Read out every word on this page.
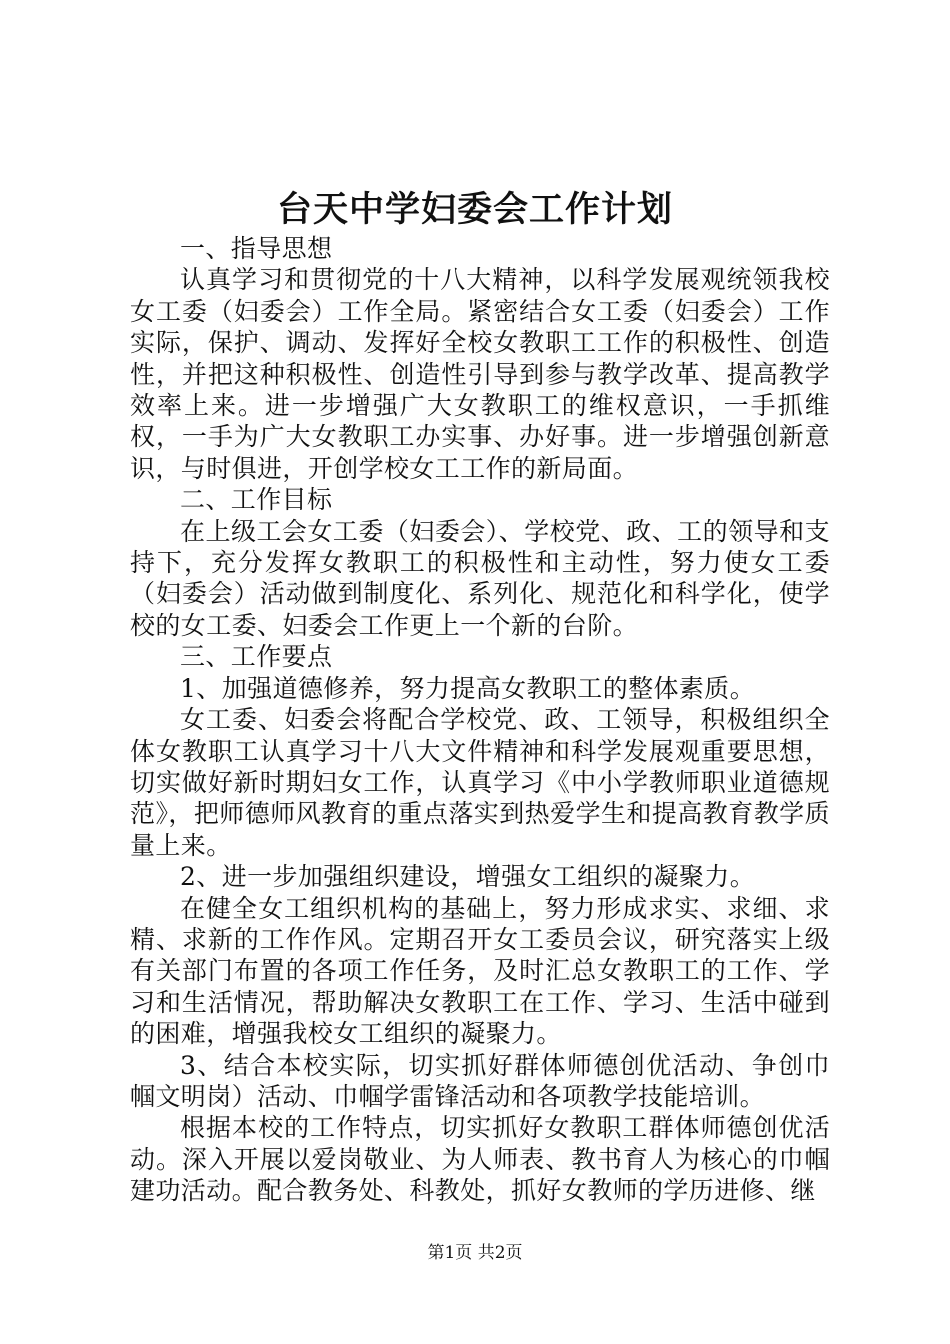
台天中学妇委会工作计划

一、指导思想

认真学习和贯彻党的十八大精神，以科学发展观统领我校女工委（妇委会）工作全局。紧密结合女工委（妇委会）工作实际，保护、调动、发挥好全校女教职工工作的积极性、创造性，并把这种积极性、创造性引导到参与教学改革、提高教学效率上来。进一步增强广大女教职工的维权意识，一手抓维权，一手为广大女教职工办实事、办好事。进一步增强创新意识，与时俱进，开创学校女工工作的新局面。

二、工作目标

在上级工会女工委（妇委会）、学校党、政、工的领导和支持下，充分发挥女教职工的积极性和主动性，努力使女工委（妇委会）活动做到制度化、系列化、规范化和科学化，使学校的女工委、妇委会工作更上一个新的台阶。

三、工作要点

1、加强道德修养，努力提高女教职工的整体素质。

女工委、妇委会将配合学校党、政、工领导，积极组织全体女教职工认真学习十八大文件精神和科学发展观重要思想，切实做好新时期妇女工作，认真学习《中小学教师职业道德规范》，把师德师风教育的重点落实到热爱学生和提高教育教学质量上来。

2、进一步加强组织建设，增强女工组织的凝聚力。

在健全女工组织机构的基础上，努力形成求实、求细、求精、求新的工作作风。定期召开女工委员会议，研究落实上级有关部门布置的各项工作任务，及时汇总女教职工的工作、学习和生活情况，帮助解决女教职工在工作、学习、生活中碰到的困难，增强我校女工组织的凝聚力。

3、结合本校实际，切实抓好群体师德创优活动、争创巾帼文明岗）活动、巾帼学雷锋活动和各项教学技能培训。

根据本校的工作特点，切实抓好女教职工群体师德创优活动。深入开展以爱岗敬业、为人师表、教书育人为核心的巾帼建功活动。配合教务处、科教处，抓好女教师的学历进修、继

第1页 共2页
